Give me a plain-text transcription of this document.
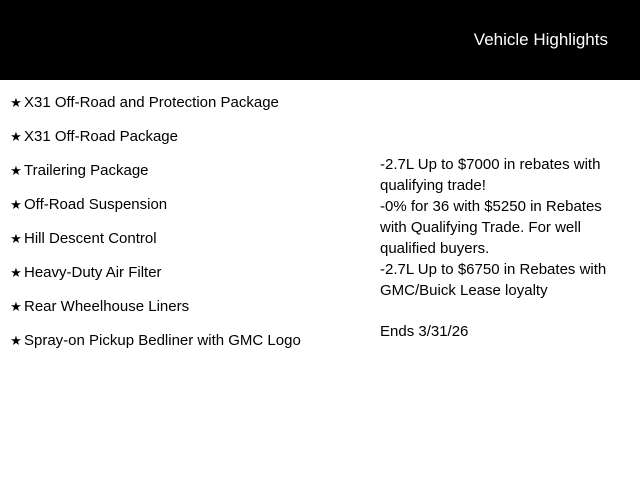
Vehicle Highlights
★ X31 Off-Road and Protection Package
★ X31 Off-Road Package
★ Trailering Package
★ Off-Road Suspension
★ Hill Descent Control
★ Heavy-Duty Air Filter
★ Rear Wheelhouse Liners
★ Spray-on Pickup Bedliner with GMC Logo
-2.7L Up to $7000 in rebates with qualifying trade!
-0% for 36 with $5250 in Rebates with Qualifying Trade. For well qualified buyers.
-2.7L Up to $6750 in Rebates with GMC/Buick Lease loyalty
Ends 3/31/26
